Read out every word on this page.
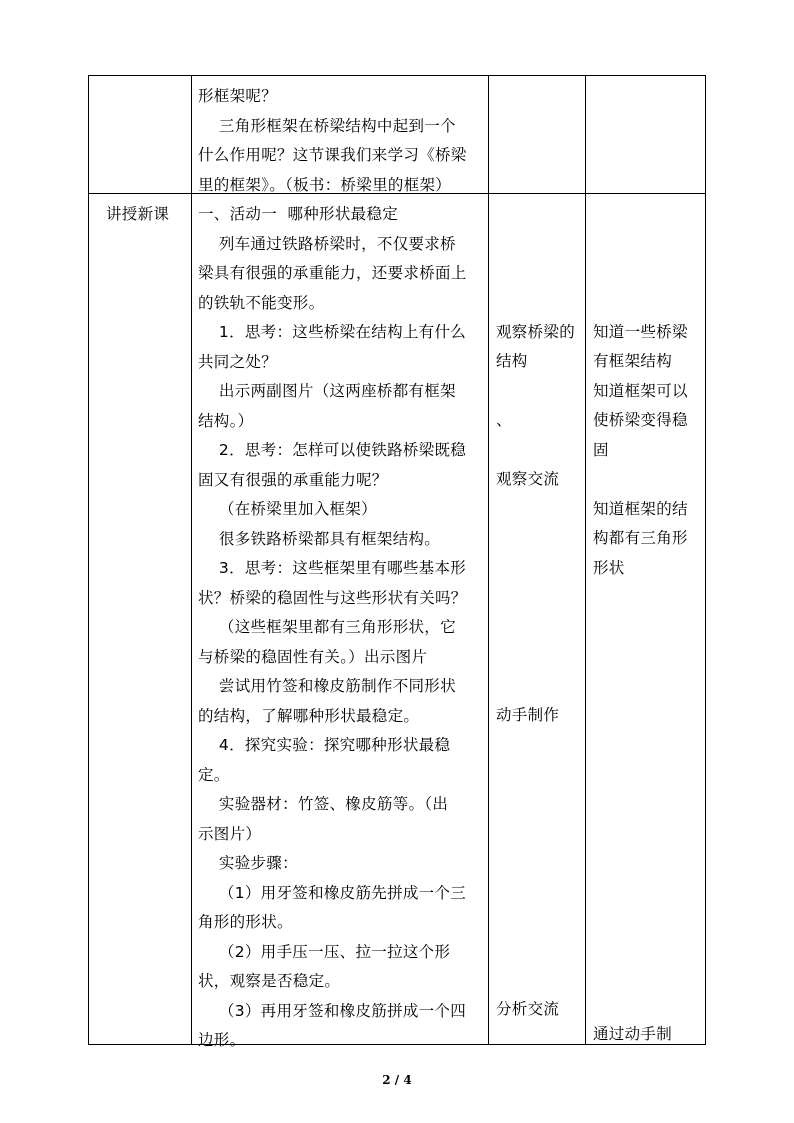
形框架呢？
三角形框架在桥梁结构中起到一个
什么作用呢？这节课我们来学习《桥梁
里的框架》。（板书：桥梁里的框架）
讲授新课 一、活动一  哪种形状最稳定
列车通过铁路桥梁时，不仅要求桥
梁具有很强的承重能力，还要求桥面上
的铁轨不能变形。
1．思考：这些桥梁在结构上有什么
共同之处？
出示两副图片（这两座桥都有框架
结构。）
2．思考：怎样可以使铁路桥梁既稳
固又有很强的承重能力呢？
（在桥梁里加入框架）
很多铁路桥梁都具有框架结构。
3．思考：这些框架里有哪些基本形
状？桥梁的稳固性与这些形状有关吗？
（这些框架里都有三角形形状，它
与桥梁的稳固性有关。）出示图片
尝试用竹签和橡皮筋制作不同形状
的结构，了解哪种形状最稳定。
4．探究实验：探究哪种形状最稳
定。
实验器材：竹签、橡皮筋等。（出
示图片）
实验步骤：
（1）用牙签和橡皮筋先拼成一个三
角形的形状。
（2）用手压一压、拉一拉这个形
状，观察是否稳定。
（3）再用牙签和橡皮筋拼成一个四
边形。
观察桥梁的
结构
、
观察交流
动手制作
分析交流
知道一些桥梁
有框架结构
知道框架可以
使桥梁变得稳
固
知道框架的结
构都有三角形
形状
通过动手制
2 / 4
